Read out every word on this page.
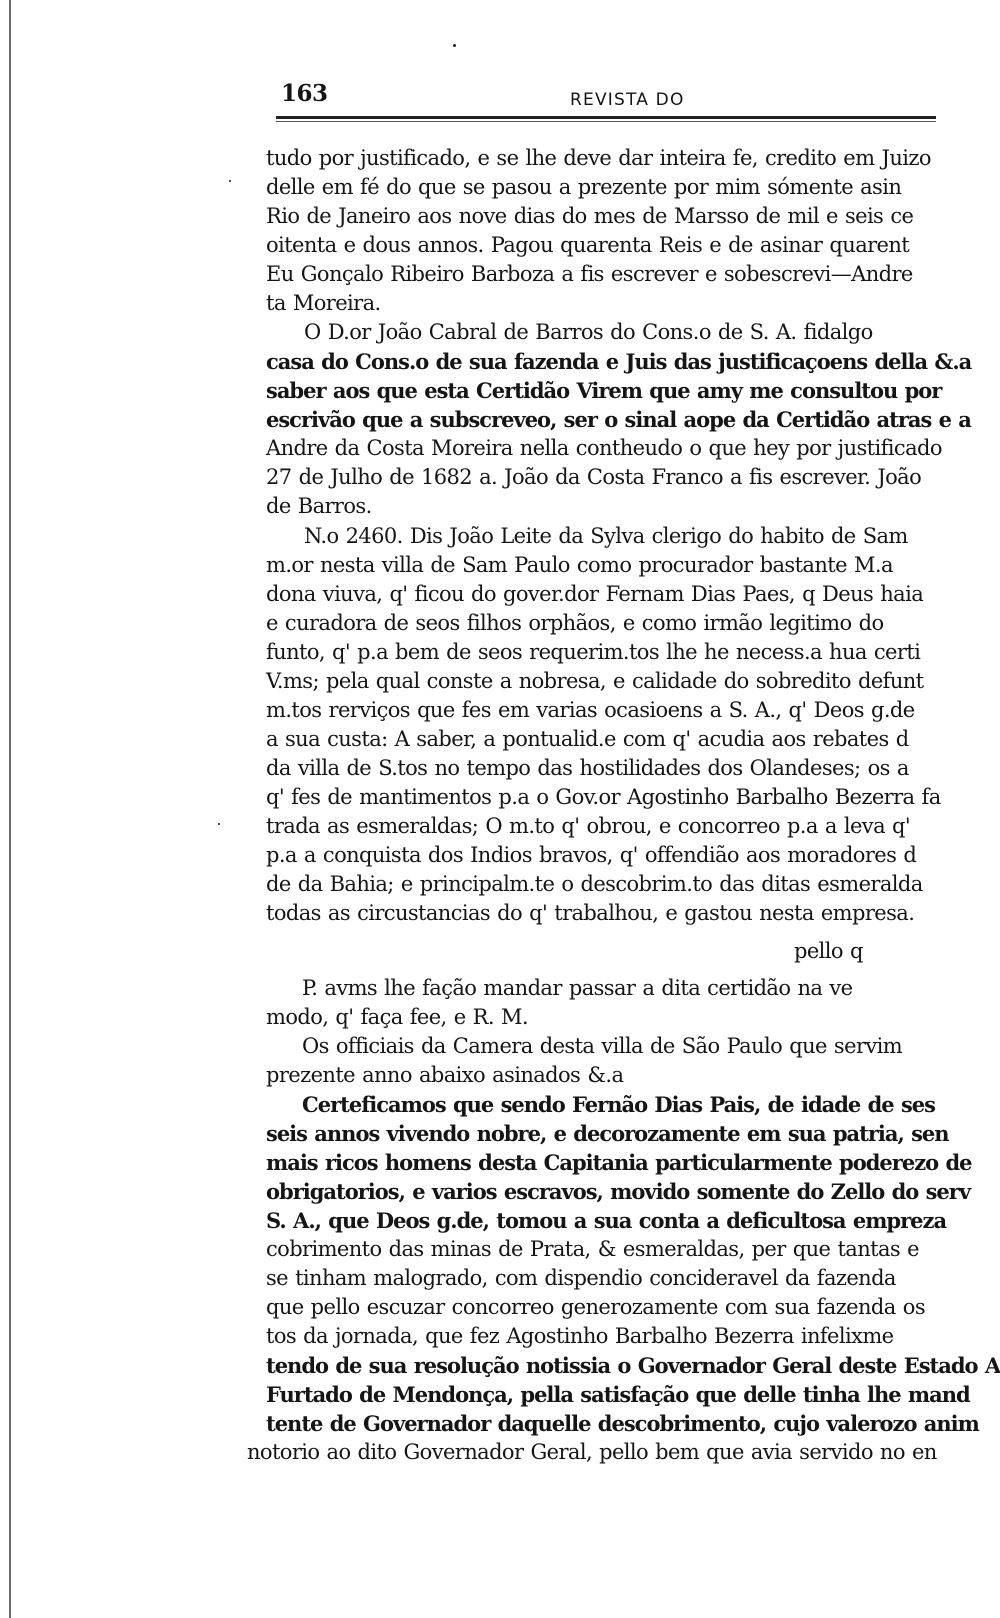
163	REVISTA DO
tudo por justificado, e se lhe deve dar inteira fe, credito em Juizo
delle em fé do que se pasou a prezente por mim sómente asin
Rio de Janeiro aos nove dias do mes de Marsso de mil e seis ce
oitenta e dous annos. Pagou quarenta Reis e de asinar quarent
Eu Gonçalo Ribeiro Barboza a fis escrever e sobescrevi—Andre
ta Moreira.
O D.or João Cabral de Barros do Cons.o de S. A. fidalgo
casa do Cons.o de sua fazenda e Juis das justificaçoens della &.a
saber aos que esta Certidão Virem que amy me consultou por
escrivão que a subscreveo, ser o sinal aope da Certidão atras e a
Andre da Costa Moreira nella contheudo o que hey por justificado
27 de Julho de 1682 a. João da Costa Franco a fis escrever. João
de Barros.
N.o 2460. Dis João Leite da Sylva clerigo do habito de Sam
m.or nesta villa de Sam Paulo como procurador bastante M.a
dona viuva, q' ficou do gover.dor Fernam Dias Paes, q Deus haia
e curadora de seos filhos orphãos, e como irmão legitimo do
funto, q' p.a bem de seos requerim.tos lhe he necess.a hua certi
V.ms; pela qual conste a nobresa, e calidade do sobredito defunt
m.tos rerviços que fes em varias ocasioens a S. A., q' Deos g.de
a sua custa: A saber, a pontualid.e com q' acudia aos rebates d
da villa de S.tos no tempo das hostilidades dos Olandeses; os a
q' fes de mantimentos p.a o Gov.or Agostinho Barbalho Bezerra fa
trada as esmeraldas; O m.to q' obrou, e concorreo p.a a leva q'
p.a a conquista dos Indios bravos, q' offendião aos moradores d
de da Bahia; e principalm.te o descobrim.to das ditas esmeralda
todas as circustancias do q' trabalhou, e gastou nesta empresa.
pello q
P. avms lhe fação mandar passar a dita certidão na ve
modo, q' faça fee, e R. M.
Os officiais da Camera desta villa de São Paulo que servim
prezente anno abaixo asinados &.a
Certeficamos que sendo Fernão Dias Pais, de idade de ses
seis annos vivendo nobre, e decorozamente em sua patria, sen
mais ricos homens desta Capitania particularmente poderezo de
obrigatorios, e varios escravos, movido somente do Zello do serv
S. A., que Deos g.de, tomou a sua conta a deficultosa empreza
cobrimento das minas de Prata, & esmeraldas, per que tantas e
se tinham malogrado, com dispendio concideravel da fazenda
que pello escuzar concorreo generozamente com sua fazenda os
tos da jornada, que fez Agostinho Barbalho Bezerra infelixme
tendo de sua resolução notissia o Governador Geral deste Estado A
Furtado de Mendonça, pella satisfação que delle tinha lhe mand
tente de Governador daquelle descobrimento, cujo valerozo anim
notorio ao dito Governador Geral, pello bem que avia servido no en
